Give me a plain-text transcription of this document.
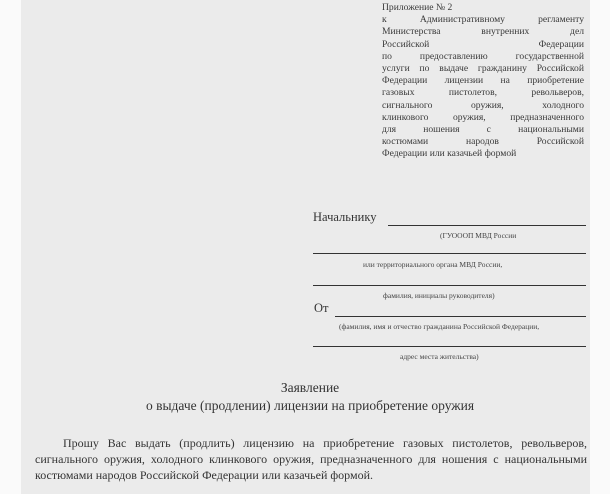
Приложение № 2
к Административному регламенту
Министерства внутренних дел
Российской Федерации
по предоставлению государственной
услуги по выдаче гражданину Российской
Федерации лицензии на приобретение
газовых пистолетов, револьверов,
сигнального оружия, холодного
клинкового оружия, предназначенного
для ношения с национальными
костюмами народов Российской
Федерации или казачьей формой
Начальнику
(ГУОООП МВД России
или территориального органа МВД России,
фамилия, инициалы руководителя)
От
(фамилия, имя и отчество гражданина Российской Федерации,
адрес места жительства)
Заявление
о выдаче (продлении) лицензии на приобретение оружия
Прошу Вас выдать (продлить) лицензию на приобретение газовых пистолетов, револьверов, сигнального оружия, холодного клинкового оружия, предназначенного для ношения с национальными костюмами народов Российской Федерации или казачьей формой.
